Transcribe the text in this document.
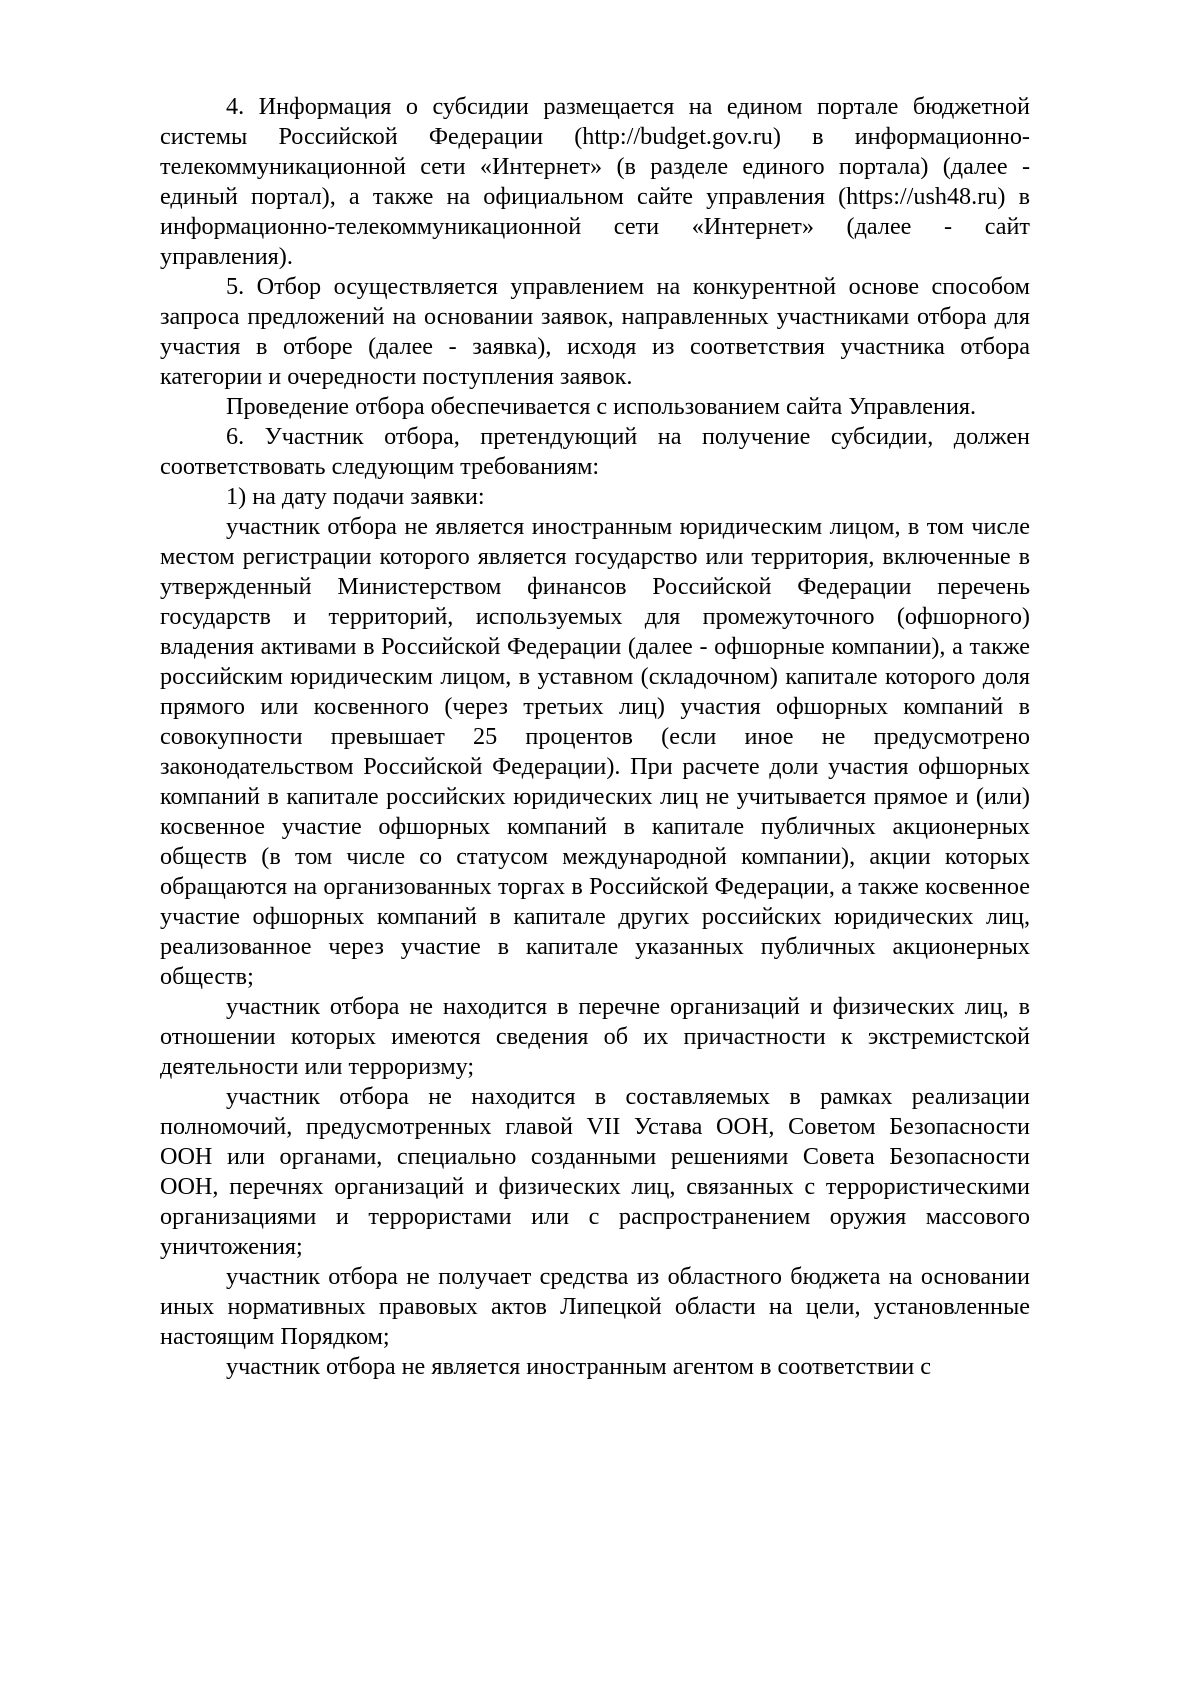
4. Информация о субсидии размещается на едином портале бюджетной системы Российской Федерации (http://budget.gov.ru) в информационно-телекоммуникационной сети «Интернет» (в разделе единого портала) (далее - единый портал), а также на официальном сайте управления (https://ush48.ru) в информационно-телекоммуникационной сети «Интернет» (далее - сайт управления).

5. Отбор осуществляется управлением на конкурентной основе способом запроса предложений на основании заявок, направленных участниками отбора для участия в отборе (далее - заявка), исходя из соответствия участника отбора категории и очередности поступления заявок.

Проведение отбора обеспечивается с использованием сайта Управления.

6. Участник отбора, претендующий на получение субсидии, должен соответствовать следующим требованиям:

1) на дату подачи заявки:

участник отбора не является иностранным юридическим лицом, в том числе местом регистрации которого является государство или территория, включенные в утвержденный Министерством финансов Российской Федерации перечень государств и территорий, используемых для промежуточного (офшорного) владения активами в Российской Федерации (далее - офшорные компании), а также российским юридическим лицом, в уставном (складочном) капитале которого доля прямого или косвенного (через третьих лиц) участия офшорных компаний в совокупности превышает 25 процентов (если иное не предусмотрено законодательством Российской Федерации). При расчете доли участия офшорных компаний в капитале российских юридических лиц не учитывается прямое и (или) косвенное участие офшорных компаний в капитале публичных акционерных обществ (в том числе со статусом международной компании), акции которых обращаются на организованных торгах в Российской Федерации, а также косвенное участие офшорных компаний в капитале других российских юридических лиц, реализованное через участие в капитале указанных публичных акционерных обществ;

участник отбора не находится в перечне организаций и физических лиц, в отношении которых имеются сведения об их причастности к экстремистской деятельности или терроризму;

участник отбора не находится в составляемых в рамках реализации полномочий, предусмотренных главой VII Устава ООН, Советом Безопасности ООН или органами, специально созданными решениями Совета Безопасности ООН, перечнях организаций и физических лиц, связанных с террористическими организациями и террористами или с распространением оружия массового уничтожения;

участник отбора не получает средства из областного бюджета на основании иных нормативных правовых актов Липецкой области на цели, установленные настоящим Порядком;

участник отбора не является иностранным агентом в соответствии с
